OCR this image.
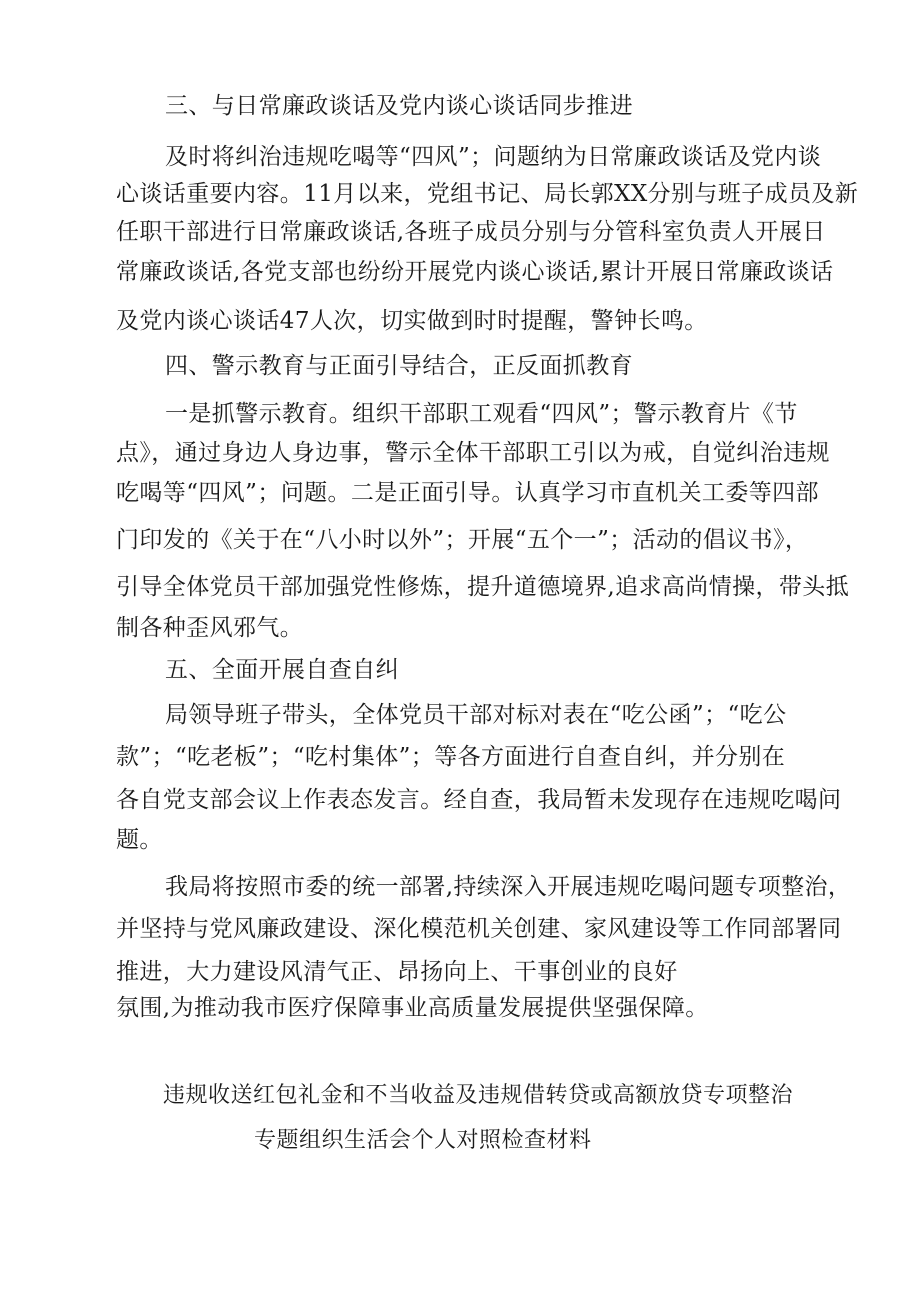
三、与日常廉政谈话及党内谈心谈话同步推进

及时将纠治违规吃喝等“四风”；问题纳为日常廉政谈话及党内谈

心谈话重要内容。11月以来，党组书记、局长郭XX分别与班子成员及新

任职干部进行日常廉政谈话,各班子成员分别与分管科室负责人开展日

常廉政谈话,各党支部也纷纷开展党内谈心谈话,累计开展日常廉政谈话

及党内谈心谈话47人次，切实做到时时提醒，警钟长鸣。

四、警示教育与正面引导结合，正反面抓教育

一是抓警示教育。组织干部职工观看“四风”；警示教育片《节

点》，通过身边人身边事，警示全体干部职工引以为戒，自觉纠治违规

吃喝等“四风”；问题。二是正面引导。认真学习市直机关工委等四部

门印发的《关于在“八小时以外”；开展“五个一”；活动的倡议书》，

引导全体党员干部加强党性修炼，提升道德境界,追求高尚情操，带头抵

制各种歪风邪气。

五、全面开展自查自纠

局领导班子带头，全体党员干部对标对表在“吃公函”；“吃公

款”；“吃老板”；“吃村集体”；等各方面进行自查自纠，并分别在

各自党支部会议上作表态发言。经自查，我局暂未发现存在违规吃喝问

题。

我局将按照市委的统一部署,持续深入开展违规吃喝问题专项整治，

并坚持与党风廉政建设、深化模范机关创建、家风建设等工作同部署同

推进，大力建设风清气正、昂扬向上、干事创业的良好

氛围,为推动我市医疗保障事业高质量发展提供坚强保障。

违规收送红包礼金和不当收益及违规借转贷或高额放贷专项整治

专题组织生活会个人对照检查材料
